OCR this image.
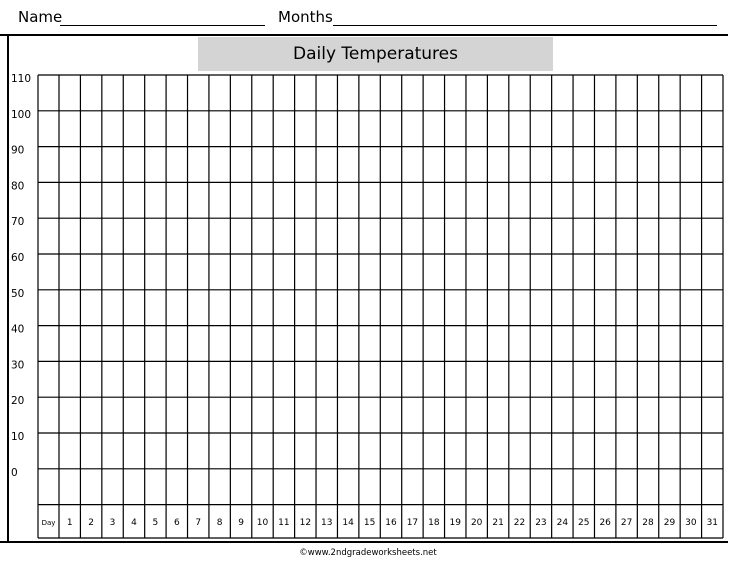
Name	Months
Daily Temperatures
110
100
90
80
70
60
50
40
30
20
10
0
Day 1 2 3 4 5 6 7 8 9 10 11 12 13 14 15 16 17 18 19 20 21 22 23 24 25 26 27 28 29 30 31
©www.2ndgradeworksheets.net
